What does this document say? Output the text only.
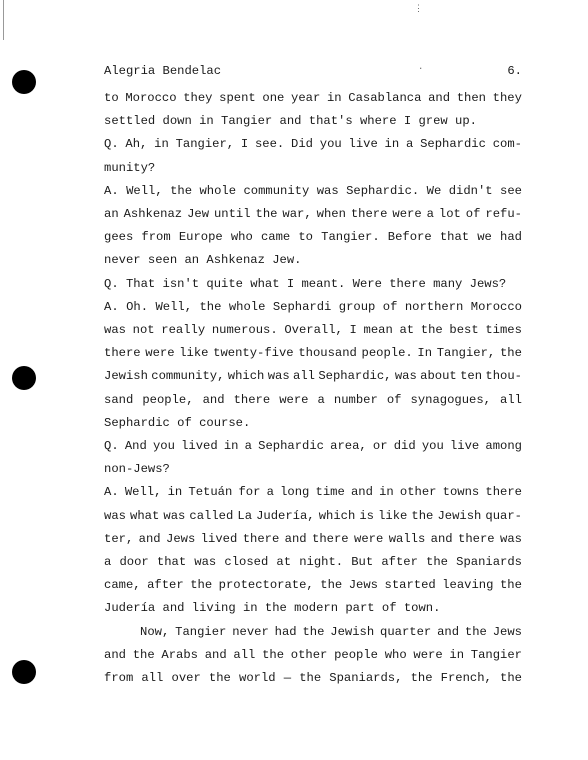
⋮
·
Alegria Bendelac	6.
to Morocco they spent one year in Casablanca and then they
settled down in Tangier and that's where I grew up.
Q. Ah, in Tangier, I see. Did you live in a Sephardic com-
munity?
A. Well, the whole community was Sephardic. We didn't see
an Ashkenaz Jew until the war, when there were a lot of refu-
gees from Europe who came to Tangier. Before that we had
never seen an Ashkenaz Jew.
Q. That isn't quite what I meant. Were there many Jews?
A. Oh. Well, the whole Sephardi group of northern Morocco
was not really numerous. Overall, I mean at the best times
there were like twenty-five thousand people. In Tangier, the
Jewish community, which was all Sephardic, was about ten thou-
sand people, and there were a number of synagogues, all
Sephardic of course.
Q. And you lived in a Sephardic area, or did you live among
non-Jews?
A. Well, in Tetuán for a long time and in other towns there
was what was called La Judería, which is like the Jewish quar-
ter, and Jews lived there and there were walls and there was
a door that was closed at night. But after the Spaniards
came, after the protectorate, the Jews started leaving the
Judería and living in the modern part of town.
Now, Tangier never had the Jewish quarter and the Jews
and the Arabs and all the other people who were in Tangier
from all over the world — the Spaniards, the French, the
